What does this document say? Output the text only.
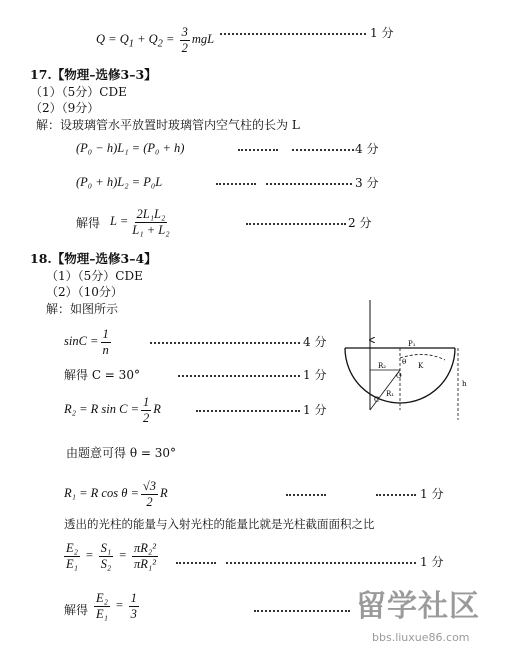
$Q = Q_1 + Q_2 = \frac{3}{2}$ mgL	1 分
17.【物理–选修3–3】
（1）（5分）CDE
（2）（9分）
解：设玻璃管水平放置时玻璃管内空气柱的长为 L
(P₀ − h)L₁ = (P₀ + h)	4 分
(P₀ + h)L₂ = P₀L	3 分
解得 $L = \frac{\text{2L₁L₂}}{\text{L₁ + L₂}}$	2 分
18.【物理–选修3–4】
（1）（5分）CDE
（2）（10分）
解：如图所示
$\sin C = \frac{1}{n}$	4 分
解得 C = 30°	1 分
R₂ = R $\sin C = \frac{1}{2}$ R	1 分
由题意可得 θ = 30°
R₁ = R $\cos \theta = \frac{√3}{2}$ R	1 分
透出的光柱的能量与入射光柱的能量比就是光柱截面面积之比
$\frac{\text{E₂}}{\text{E₁}} = \frac{\text{S₁}}{\text{S₂}} = \frac{\text{πR₂²}}{\text{πR₁²}}$	1 分
解得 $\frac{\text{E₂}}{\text{E₁}} = \frac{1}{3}$
P₁
θ K
R₂
O
C
R₁
h
留学社区
bbs.liuxue86.com
